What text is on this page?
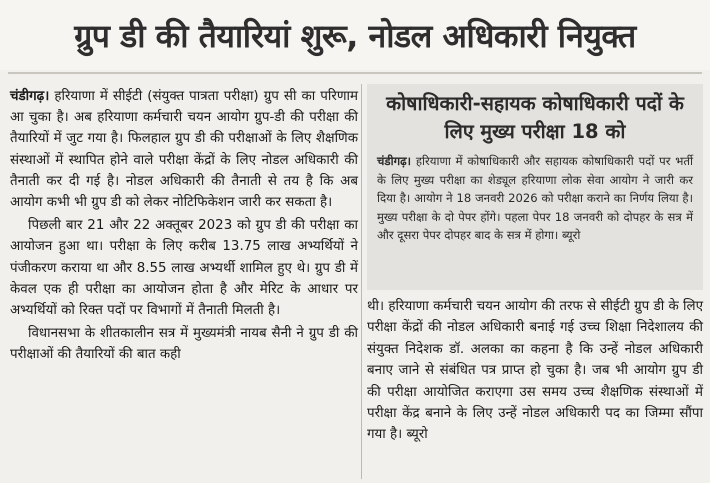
ग्रुप डी की तैयारियां शुरू, नोडल अधिकारी नियुक्त

चंडीगढ़। हरियाणा में सीईटी (संयुक्त पात्रता परीक्षा) ग्रुप सी का परिणाम आ चुका है। अब हरियाणा कर्मचारी चयन आयोग ग्रुप-डी की परीक्षा की तैयारियों में जुट गया है। फिलहाल ग्रुप डी की परीक्षाओं के लिए शैक्षणिक संस्थाओं में स्थापित होने वाले परीक्षा केंद्रों के लिए नोडल अधिकारी की तैनाती कर दी गई है। नोडल अधिकारी की तैनाती से तय है कि अब आयोग कभी भी ग्रुप डी को लेकर नोटिफिकेशन जारी कर सकता है।

पिछली बार 21 और 22 अक्तूबर 2023 को ग्रुप डी की परीक्षा का आयोजन हुआ था। परीक्षा के लिए करीब 13.75 लाख अभ्यर्थियों ने पंजीकरण कराया था और 8.55 लाख अभ्यर्थी शामिल हुए थे। ग्रुप डी में केवल एक ही परीक्षा का आयोजन होता है और मेरिट के आधार पर अभ्यर्थियों को रिक्त पदों पर विभागों में तैनाती मिलती है।

विधानसभा के शीतकालीन सत्र में मुख्यमंत्री नायब सैनी ने ग्रुप डी की परीक्षाओं की तैयारियों की बात कही

कोषाधिकारी-सहायक कोषाधिकारी पदों के लिए मुख्य परीक्षा 18 को
चंडीगढ़। हरियाणा में कोषाधिकारी और सहायक कोषाधिकारी पदों पर भर्ती के लिए मुख्य परीक्षा का शेड्यूल हरियाणा लोक सेवा आयोग ने जारी कर दिया है। आयोग ने 18 जनवरी 2026 को परीक्षा कराने का निर्णय लिया है। मुख्य परीक्षा के दो पेपर होंगे। पहला पेपर 18 जनवरी को दोपहर के सत्र में और दूसरा पेपर दोपहर बाद के सत्र में होगा। ब्यूरो

थी। हरियाणा कर्मचारी चयन आयोग की तरफ से सीईटी ग्रुप डी के लिए परीक्षा केंद्रों की नोडल अधिकारी बनाई गई उच्च शिक्षा निदेशालय की संयुक्त निदेशक डॉ. अलका का कहना है कि उन्हें नोडल अधिकारी बनाए जाने से संबंधित पत्र प्राप्त हो चुका है। जब भी आयोग ग्रुप डी की परीक्षा आयोजित कराएगा उस समय उच्च शैक्षणिक संस्थाओं में परीक्षा केंद्र बनाने के लिए उन्हें नोडल अधिकारी पद का जिम्मा सौंपा गया है। ब्यूरो
